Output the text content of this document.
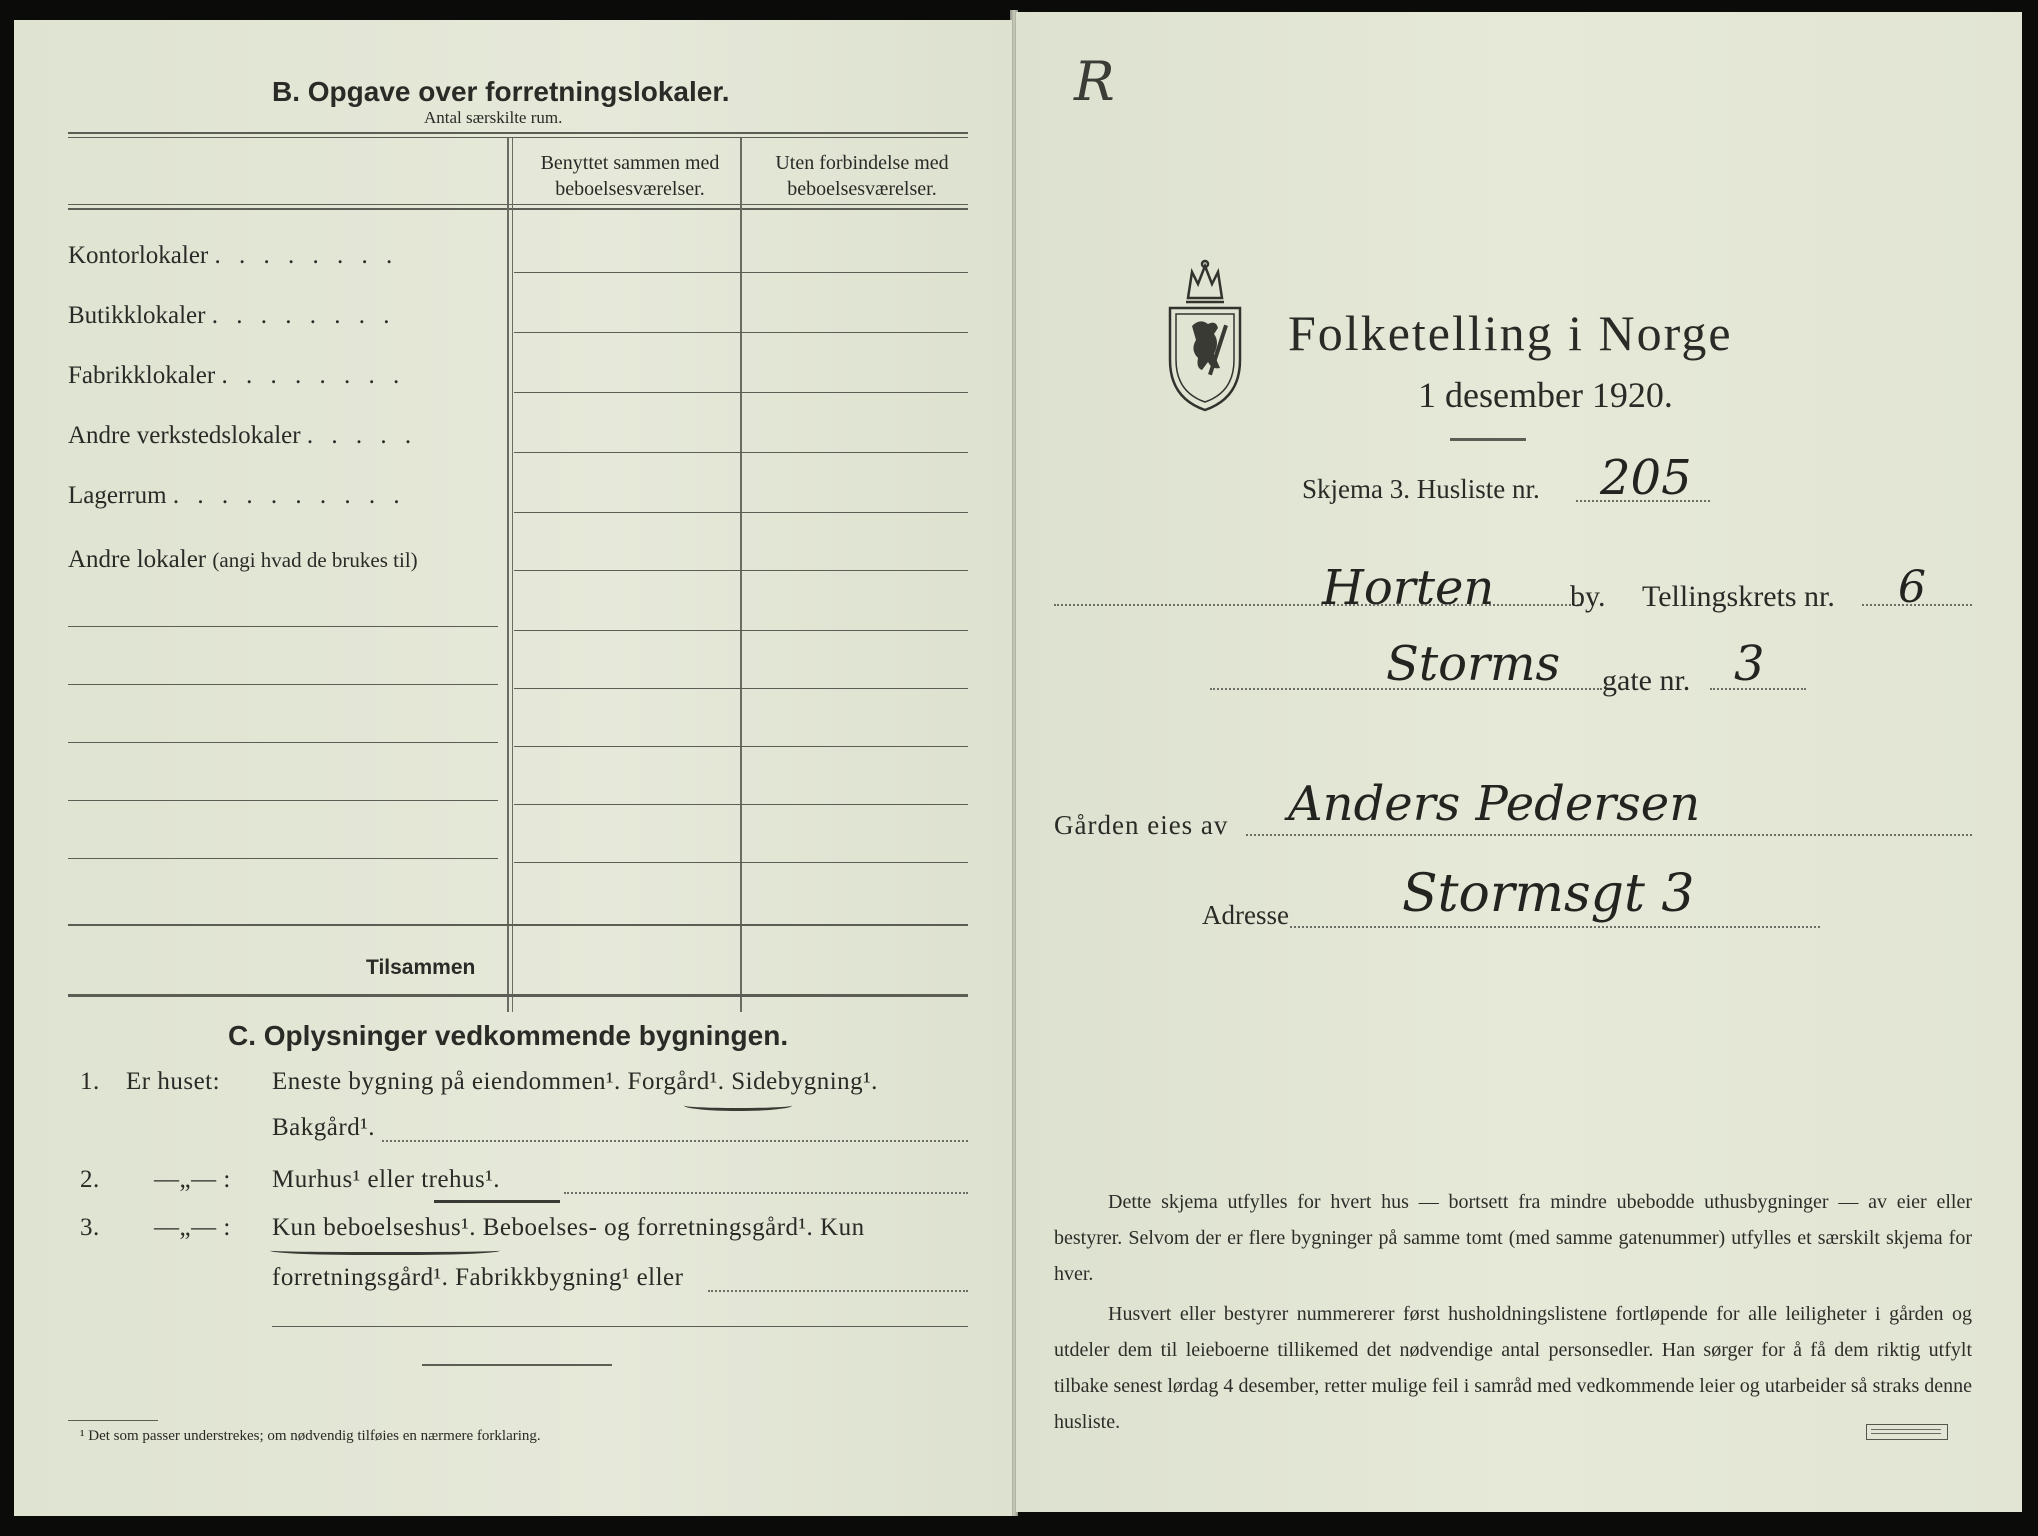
B. Opgave over forretningslokaler.
Antal særskilte rum.
Benyttet sammen med
beboelsesværelser.
Uten forbindelse med
beboelsesværelser.
Kontorlokaler . . . . . . . .
Butikklokaler . . . . . . . .
Fabrikklokaler . . . . . . . .
Andre verkstedslokaler . . . . .
Lagerrum . . . . . . . . . .
Andre lokaler (angi hvad de brukes til)
Tilsammen
C. Oplysninger vedkommende bygningen.
1. Er huset: Eneste bygning på eiendommen¹. Forgård¹. Sidebygning¹.
Bakgård¹.
2. —„— : Murhus¹ eller trehus¹.
3. —„— : Kun beboelseshus¹. Beboelses- og forretningsgård¹. Kun
forretningsgård¹. Fabrikkbygning¹ eller
¹ Det som passer understrekes; om nødvendig tilføies en nærmere forklaring.
R
Folketelling i Norge
1 desember 1920.
Skjema 3. Husliste nr. 205
Horten	by. Tellingskrets nr. 6
Storms gate nr. 3
Gården eies av Anders Pedersen
Adresse Stormsgt 3
Dette skjema utfylles for hvert hus — bortsett fra mindre ubebodde uthusbygninger — av eier eller bestyrer. Selvom der er flere bygninger på samme tomt (med samme gatenummer) utfylles et særskilt skjema for hver.
Husvert eller bestyrer nummererer først husholdningslistene fortløpende for alle leiligheter i gården og utdeler dem til leieboerne tillikemed det nødvendige antal personsedler. Han sørger for å få dem riktig utfylt tilbake senest lørdag 4 desember, retter mulige feil i samråd med vedkommende leier og utarbeider så straks denne husliste.
